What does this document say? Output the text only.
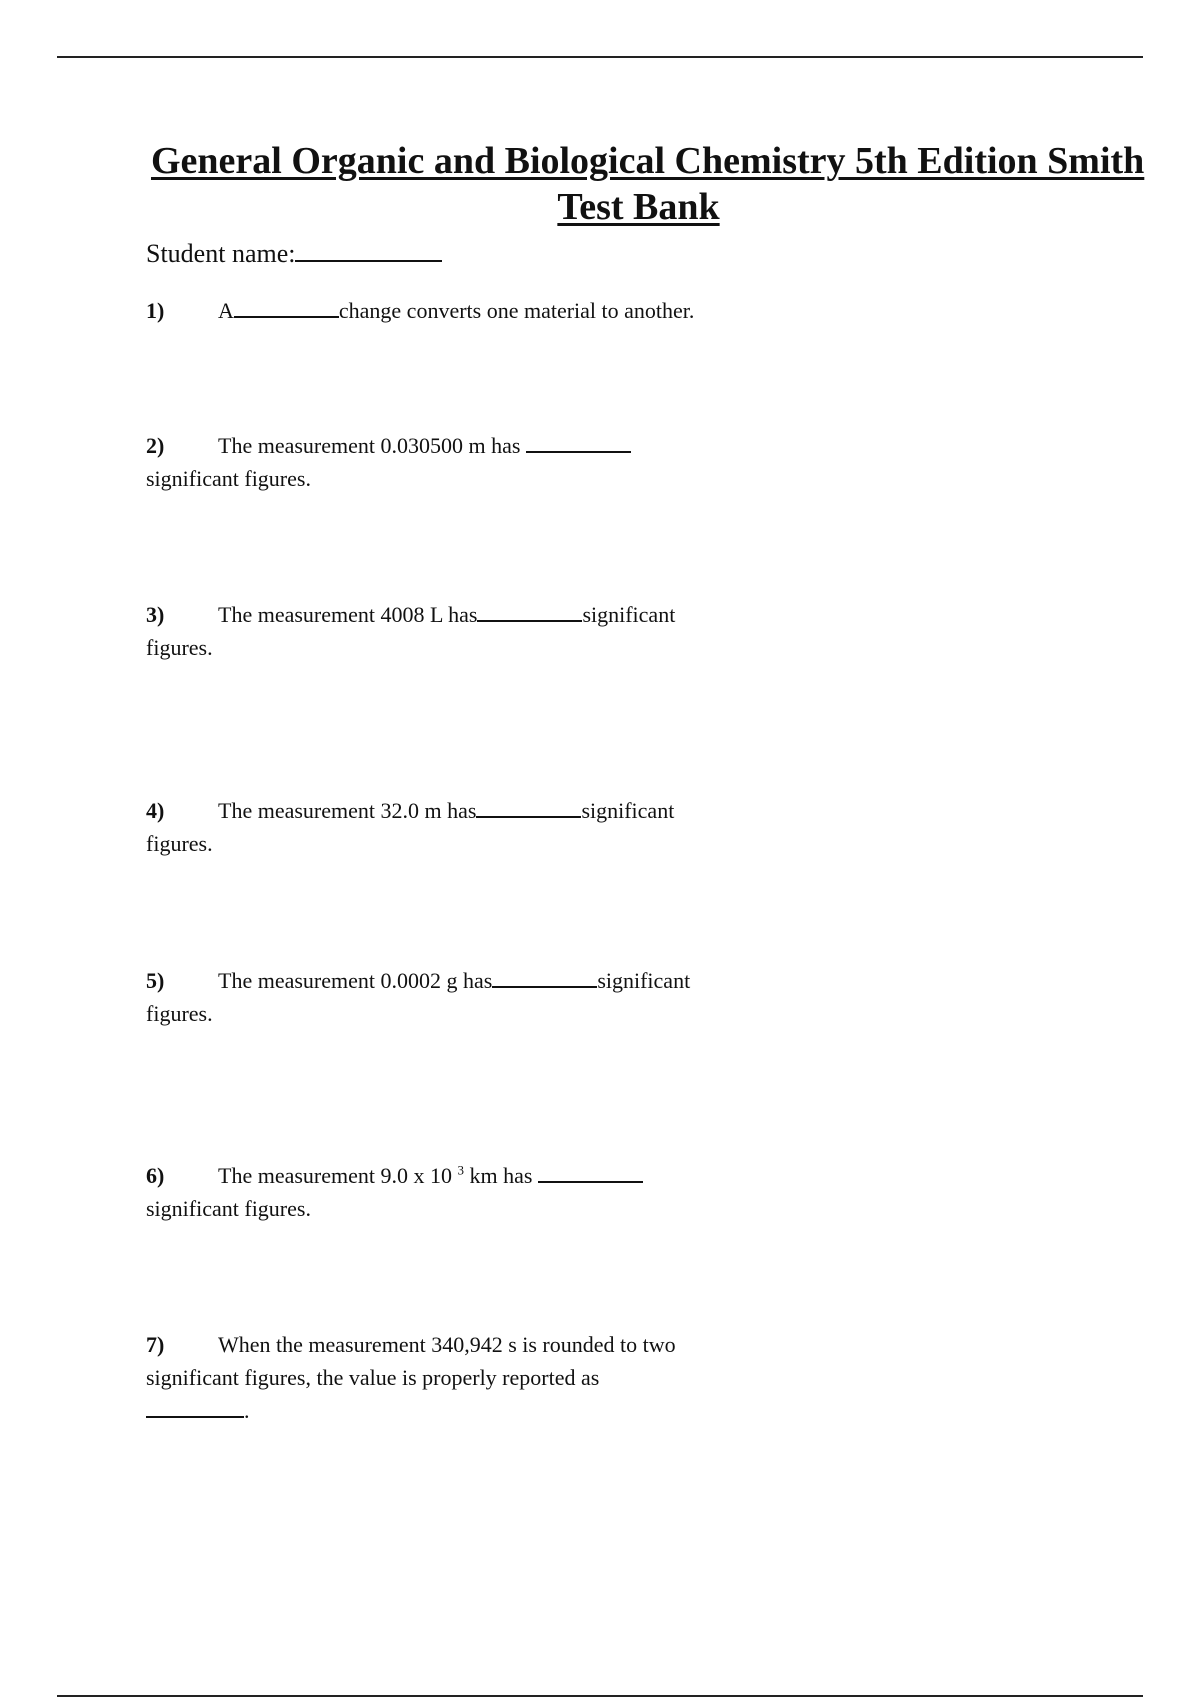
General Organic and Biological Chemistry 5th Edition Smith
Test Bank
Student name:
1) A	change converts one material to another.
2) The measurement 0.030500 m has
significant figures.
3) The measurement 4008 L has	significant
figures.
4) The measurement 32.0 m has	significant
figures.
5) The measurement 0.0002 g has	significant
figures.
6) The measurement 9.0 x 10 $^3$ km has
significant figures.
7) When the measurement 340,942 s is rounded to two
significant figures, the value is properly reported as
.
